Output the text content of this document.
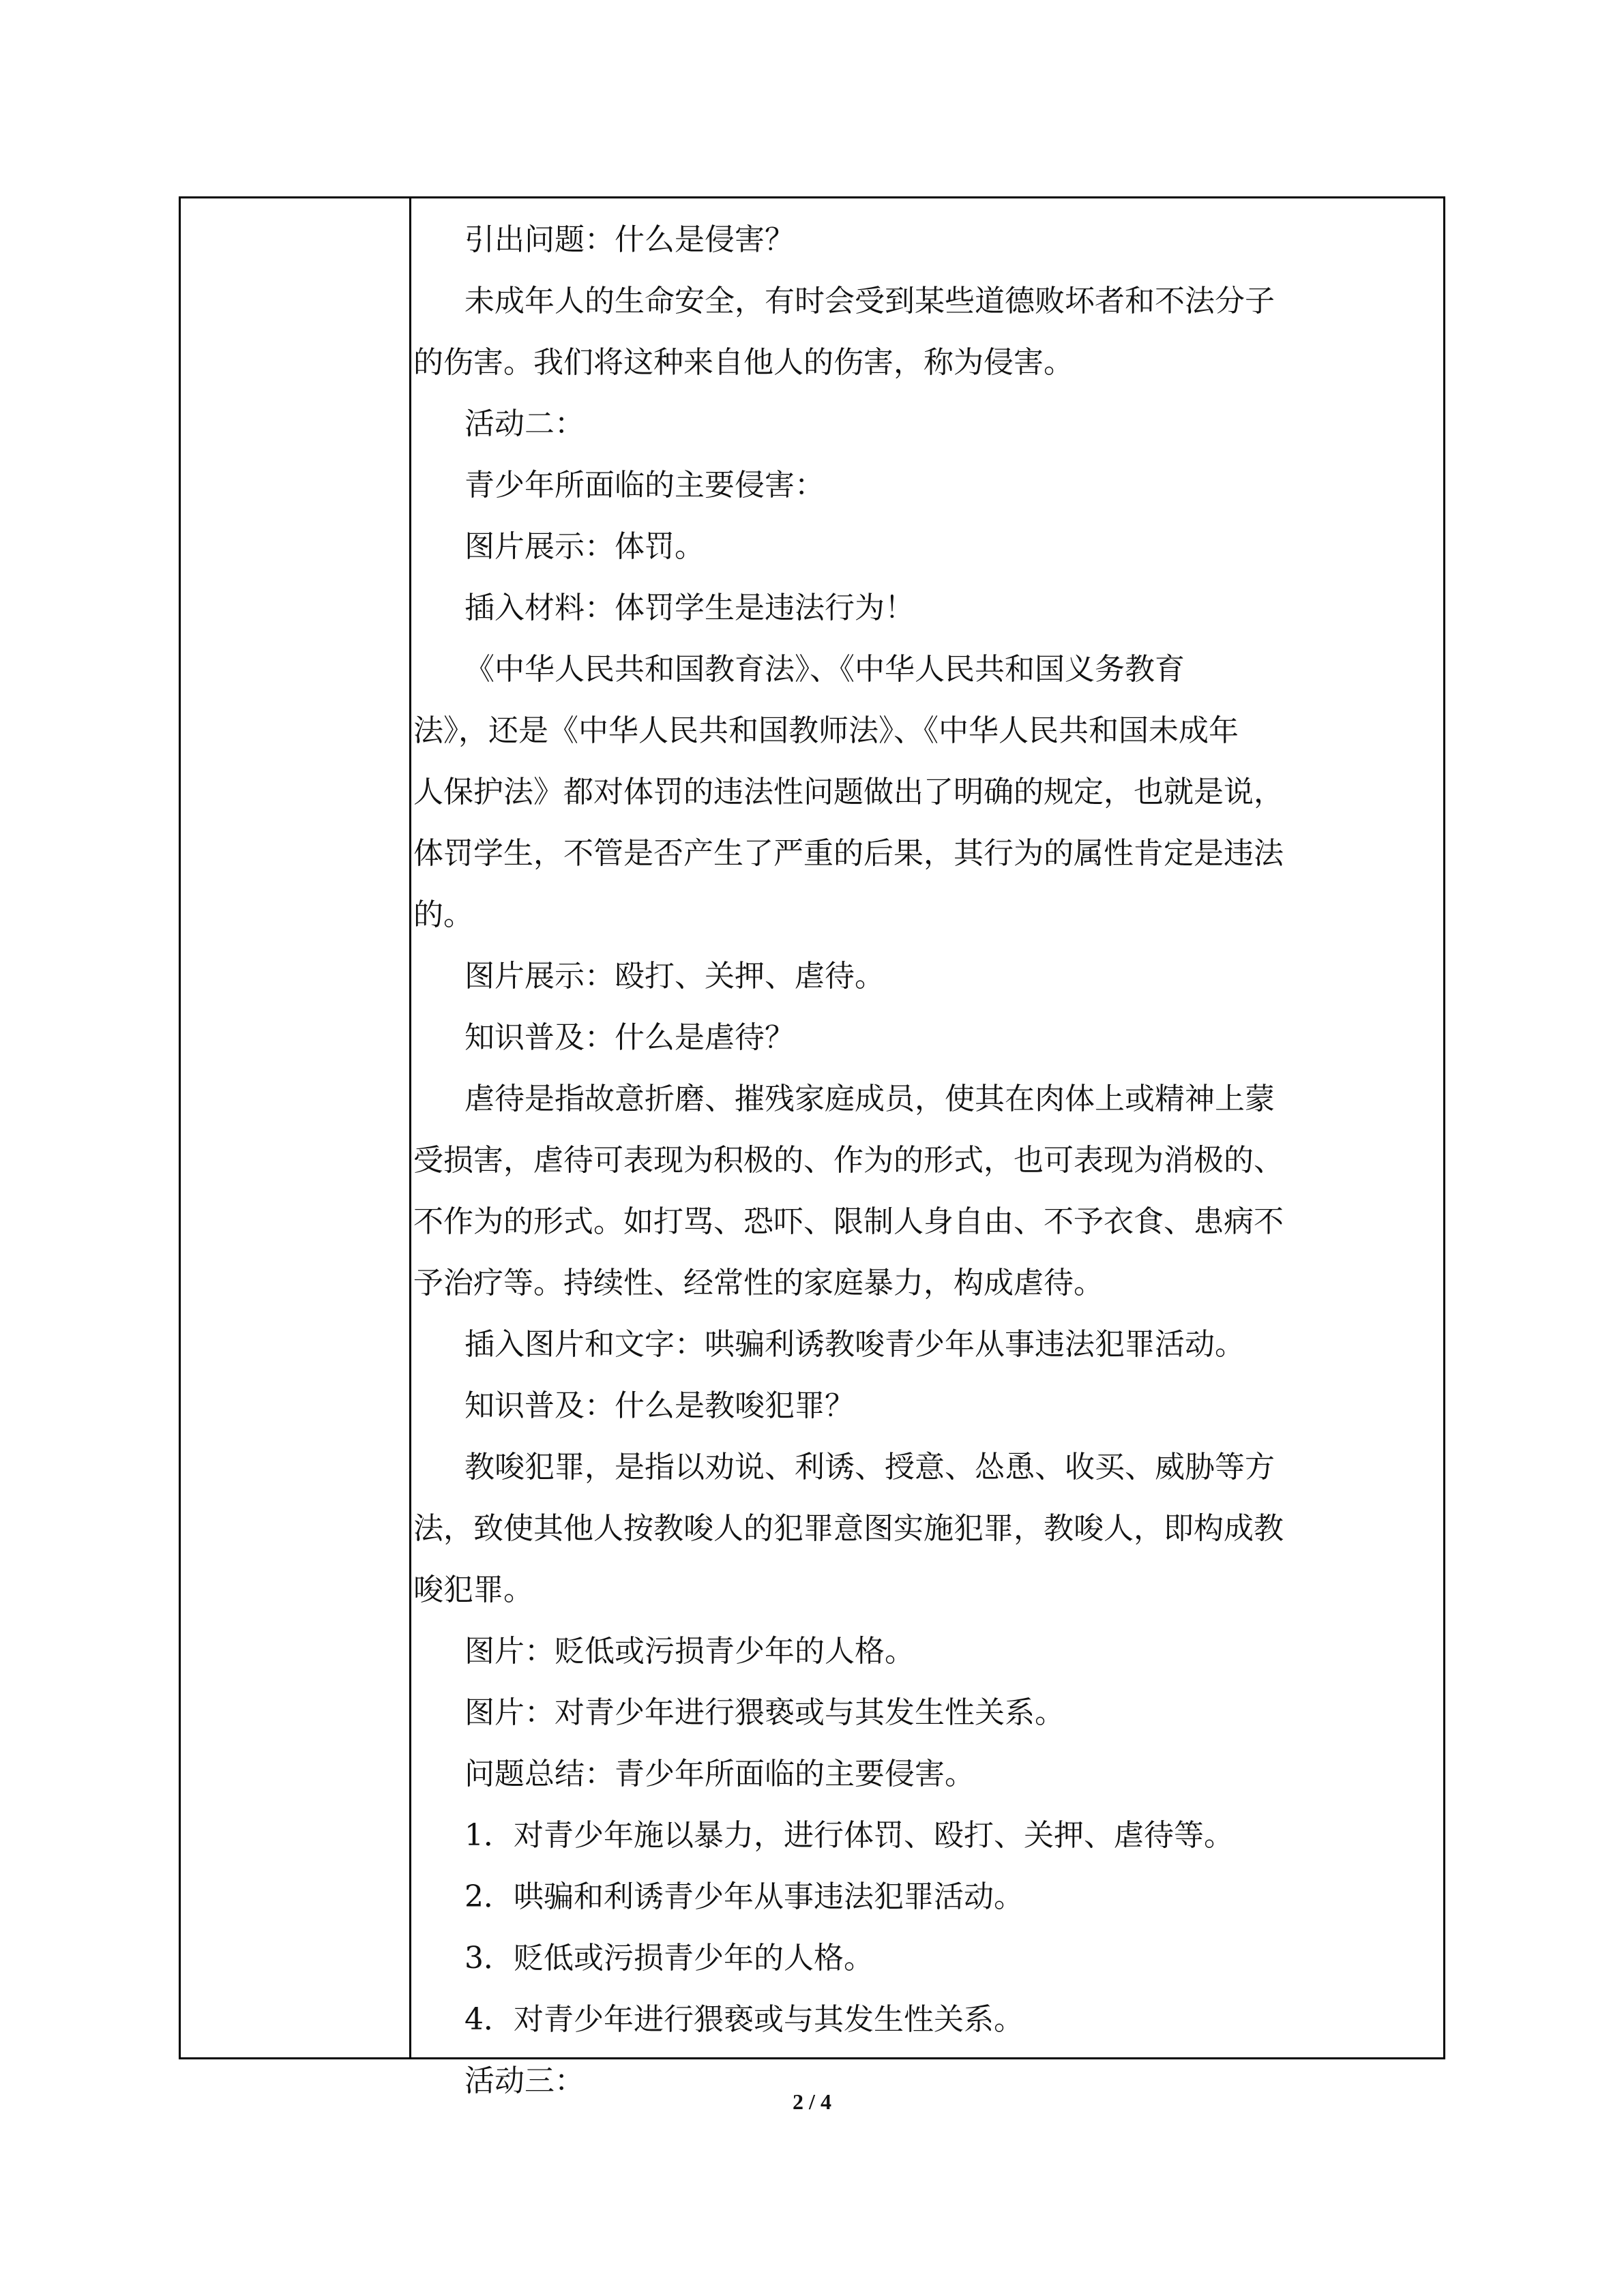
引出问题：什么是侵害？
未成年人的生命安全，有时会受到某些道德败坏者和不法分子
的伤害。我们将这种来自他人的伤害，称为侵害。
活动二：
青少年所面临的主要侵害：
图片展示：体罚。
插入材料：体罚学生是违法行为！
《中华人民共和国教育法》、《中华人民共和国义务教育
法》，还是《中华人民共和国教师法》、《中华人民共和国未成年
人保护法》都对体罚的违法性问题做出了明确的规定，也就是说，
体罚学生，不管是否产生了严重的后果，其行为的属性肯定是违法
的。
图片展示：殴打、关押、虐待。
知识普及：什么是虐待？
虐待是指故意折磨、摧残家庭成员，使其在肉体上或精神上蒙
受损害，虐待可表现为积极的、作为的形式，也可表现为消极的、
不作为的形式。如打骂、恐吓、限制人身自由、不予衣食、患病不
予治疗等。持续性、经常性的家庭暴力，构成虐待。
插入图片和文字：哄骗利诱教唆青少年从事违法犯罪活动。
知识普及：什么是教唆犯罪？
教唆犯罪，是指以劝说、利诱、授意、怂恿、收买、威胁等方
法，致使其他人按教唆人的犯罪意图实施犯罪，教唆人，即构成教
唆犯罪。
图片：贬低或污损青少年的人格。
图片：对青少年进行猥亵或与其发生性关系。
问题总结：青少年所面临的主要侵害。
1．对青少年施以暴力，进行体罚、殴打、关押、虐待等。
2．哄骗和利诱青少年从事违法犯罪活动。
3．贬低或污损青少年的人格。
4．对青少年进行猥亵或与其发生性关系。
活动三：
2 / 4
